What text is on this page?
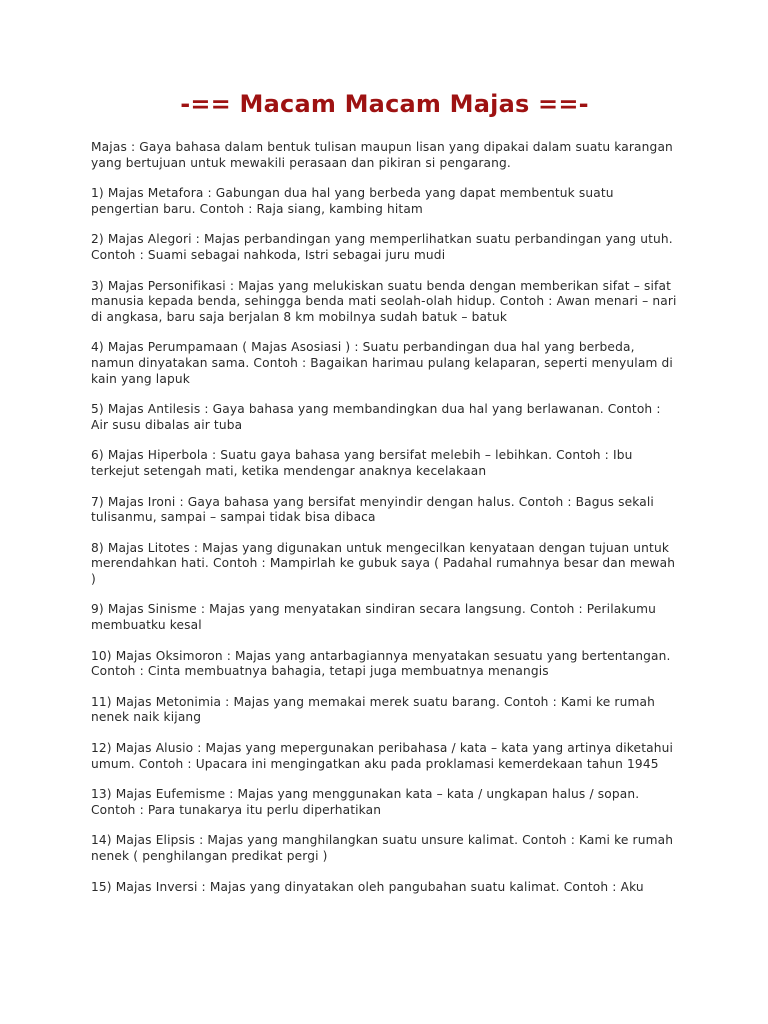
-== Macam Macam Majas ==-

Majas : Gaya bahasa dalam bentuk tulisan maupun lisan yang dipakai dalam suatu karangan yang bertujuan untuk mewakili perasaan dan pikiran si pengarang.

1) Majas Metafora : Gabungan dua hal yang berbeda yang dapat membentuk suatu pengertian baru. Contoh : Raja siang, kambing hitam

2) Majas Alegori : Majas perbandingan yang memperlihatkan suatu perbandingan yang utuh. Contoh : Suami sebagai nahkoda, Istri sebagai juru mudi

3) Majas Personifikasi : Majas yang melukiskan suatu benda dengan memberikan sifat – sifat manusia kepada benda, sehingga benda mati seolah-olah hidup. Contoh : Awan menari – nari di angkasa, baru saja berjalan 8 km mobilnya sudah batuk – batuk

4) Majas Perumpamaan ( Majas Asosiasi ) : Suatu perbandingan dua hal yang berbeda, namun dinyatakan sama. Contoh : Bagaikan harimau pulang kelaparan, seperti menyulam di kain yang lapuk

5) Majas Antilesis : Gaya bahasa yang membandingkan dua hal yang berlawanan. Contoh : Air susu dibalas air tuba

6) Majas Hiperbola : Suatu gaya bahasa yang bersifat melebih – lebihkan. Contoh : Ibu terkejut setengah mati, ketika mendengar anaknya kecelakaan

7) Majas Ironi : Gaya bahasa yang bersifat menyindir dengan halus. Contoh : Bagus sekali tulisanmu, sampai – sampai tidak bisa dibaca

8) Majas Litotes : Majas yang digunakan untuk mengecilkan kenyataan dengan tujuan untuk merendahkan hati. Contoh : Mampirlah ke gubuk saya ( Padahal rumahnya besar dan mewah )

9) Majas Sinisme : Majas yang menyatakan sindiran secara langsung. Contoh : Perilakumu membuatku kesal

10) Majas Oksimoron : Majas yang antarbagiannya menyatakan sesuatu yang bertentangan. Contoh : Cinta membuatnya bahagia, tetapi juga membuatnya menangis

11) Majas Metonimia : Majas yang memakai merek suatu barang. Contoh : Kami ke rumah nenek naik kijang

12) Majas Alusio : Majas yang mepergunakan peribahasa / kata – kata yang artinya diketahui umum. Contoh : Upacara ini mengingatkan aku pada proklamasi kemerdekaan tahun 1945

13) Majas Eufemisme : Majas yang menggunakan kata – kata / ungkapan halus / sopan. Contoh : Para tunakarya itu perlu diperhatikan

14) Majas Elipsis : Majas yang manghilangkan suatu unsure kalimat. Contoh : Kami ke rumah nenek ( penghilangan predikat pergi )

15) Majas Inversi : Majas yang dinyatakan oleh pangubahan suatu kalimat. Contoh : Aku
